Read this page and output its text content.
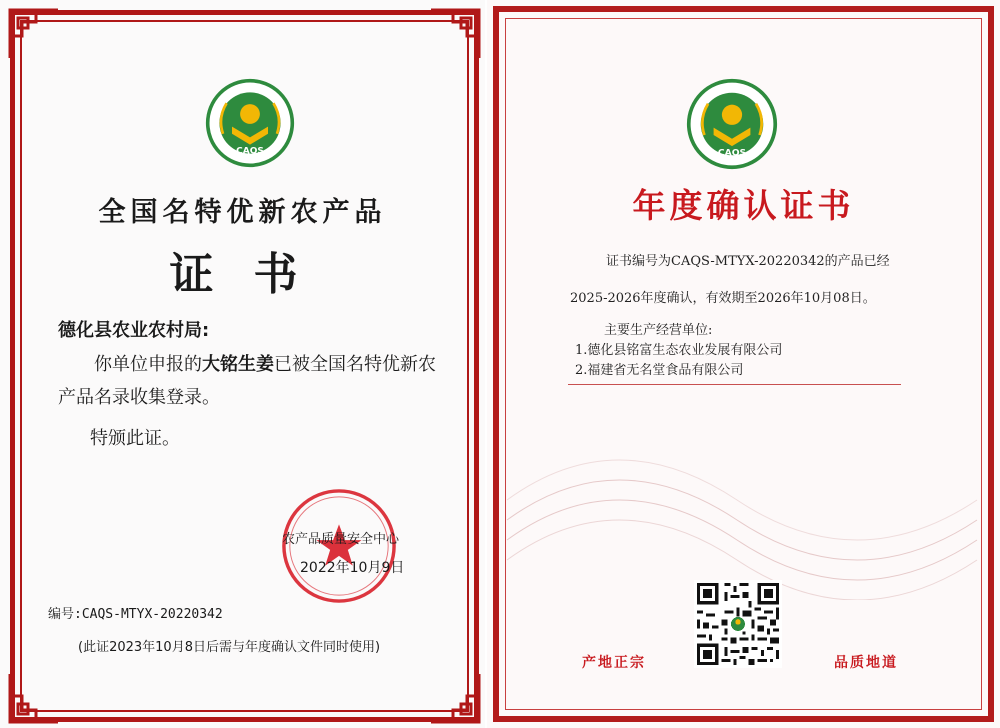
CAQS
全国名特优新农产品
证书
德化县农业农村局:
你单位申报的大铭生姜已被全国名特优新农产品名录收集登录。
特颁此证。
农产品质量安全中心
2022年10月9日
编号:CAQS-MTYX-20220342
(此证2023年10月8日后需与年度确认文件同时使用)
CAQS
年度确认证书
证书编号为CAQS-MTYX-20220342的产品已经
2025-2026年度确认，有效期至2026年10月08日。
主要生产经营单位:
1.德化县铭富生态农业发展有限公司
2.福建省无名堂食品有限公司
产地正宗	品质地道
